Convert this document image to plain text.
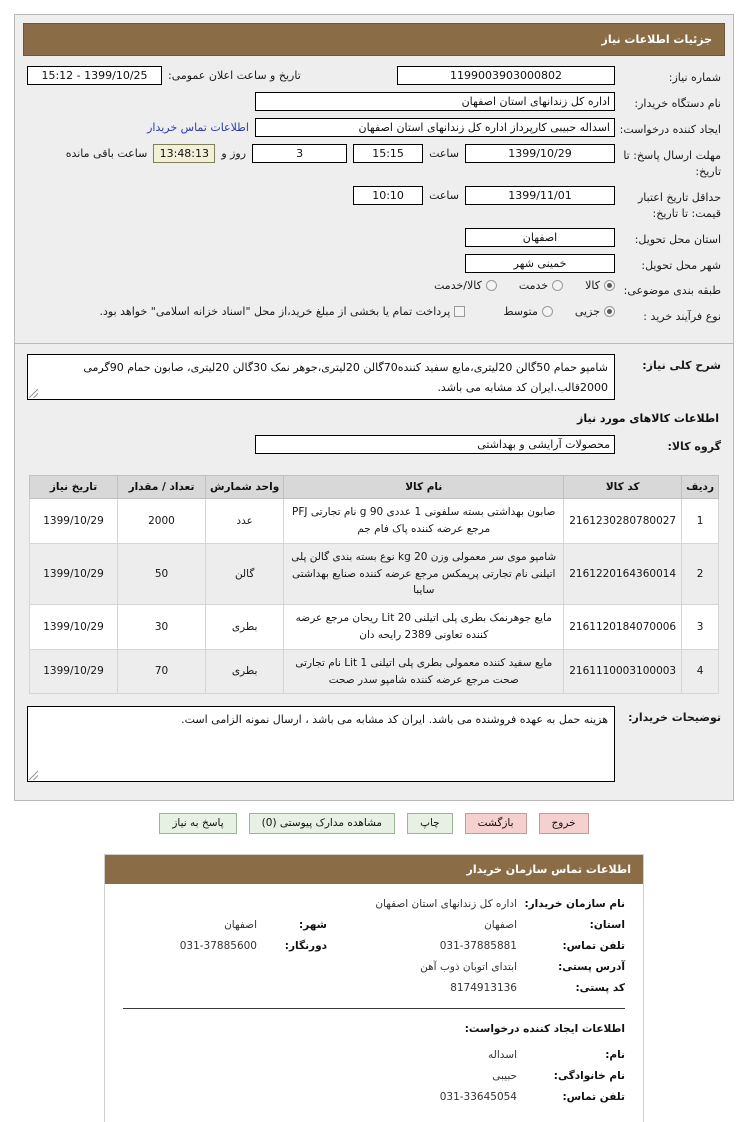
جزئیات اطلاعات نیاز
شماره نیاز:
1199003903000802
تاریخ و ساعت اعلان عمومی:
1399/10/25 - 15:12
نام دستگاه خریدار:
اداره کل زندانهای استان اصفهان
ایجاد کننده درخواست:
اسداله حبیبی کارپرداز اداره کل زندانهای استان اصفهان
اطلاعات تماس خریدار
مهلت ارسال پاسخ: تا تاریخ:
1399/10/29
ساعت
15:15
3
روز و
13:48:13
ساعت باقی مانده
حداقل تاریخ اعتبار قیمت: تا تاریخ:
1399/11/01
ساعت
10:10
استان محل تحویل:
اصفهان
شهر محل تحویل:
خمینی شهر
طبقه بندی موضوعی:
کالا
خدمت
کالا/خدمت
نوع فرآیند خرید :
جزیی
متوسط
پرداخت تمام یا بخشی از مبلغ خرید،از محل "اسناد خزانه اسلامی" خواهد بود.
شرح کلی نیاز:
شامپو حمام 50گالن 20لیتری،مایع سفید کننده70گالن 20لیتری،جوهر نمک 30گالن 20لیتری، صابون حمام 90گرمی 2000قالب.ایران کد مشابه می باشد.
اطلاعات کالاهای مورد نیاز
گروه کالا:
محصولات آرایشی و بهداشتی
ردیف	کد کالا	نام کالا	واحد شمارش	تعداد / مقدار	تاریخ نیاز
1	2161230280780027	صابون بهداشتی بسته سلفونی 1 عددی 90 g نام تجارتی PFJ مرجع عرضه کننده پاک فام جم	عدد	2000	1399/10/29
2	2161220164360014	شامپو موی سر معمولی وزن 20 kg نوع بسته بندی گالن پلی اتیلنی نام تجارتی پریمکس مرجع عرضه کننده صنایع بهداشتی سایبا	گالن	50	1399/10/29
3	2161120184070006	مایع جوهرنمک بطری پلی اتیلنی 20 Lit ریحان مرجع عرضه کننده تعاونی 2389 رایحه دان	بطری	30	1399/10/29
4	2161110003100003	مایع سفید کننده معمولی بطری پلی اتیلنی 1 Lit نام تجارتی صحت مرجع عرضه کننده شامپو سدر صحت	بطری	70	1399/10/29
توضیحات خریدار:
هزینه حمل به عهده فروشنده می باشد. ایران کد مشابه می باشد ، ارسال نمونه الزامی است.
خروج
بازگشت
چاپ
مشاهده مدارک پیوستی (0)
پاسخ به نیاز
اطلاعات تماس سازمان خریدار
نام سازمان خریدار:
اداره کل زندانهای استان اصفهان
استان:
اصفهان
شهر:
اصفهان
تلفن تماس:
031-37885881
دورنگار:
031-37885600
آدرس پستی:
ابتدای اتوبان ذوب آهن
کد پستی:
8174913136
اطلاعات ایجاد کننده درخواست:
نام:
اسداله
نام خانوادگی:
حبیبی
تلفن تماس:
031-33645054
